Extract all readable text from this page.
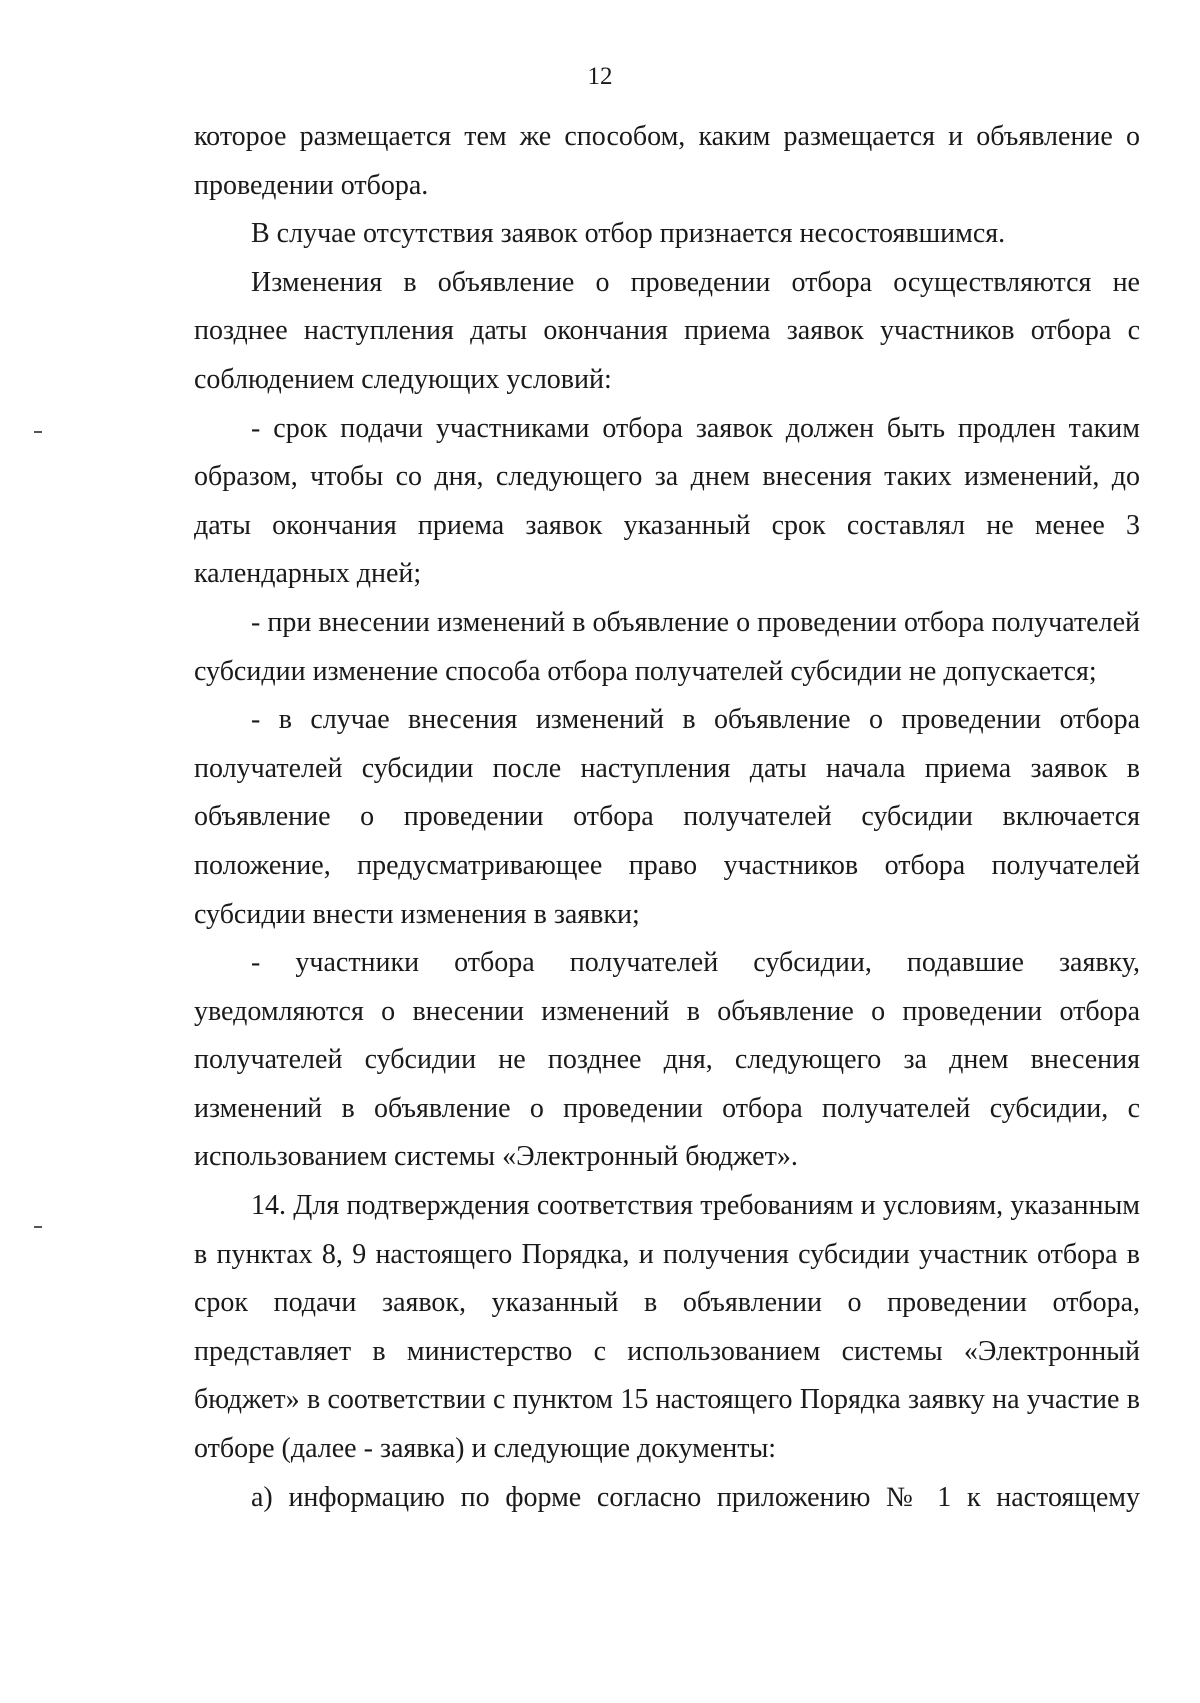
12

которое размещается тем же способом, каким размещается и объявление о проведении отбора.

В случае отсутствия заявок отбор признается несостоявшимся.

Изменения в объявление о проведении отбора осуществляются не позднее наступления даты окончания приема заявок участников отбора с соблюдением следующих условий:

- срок подачи участниками отбора заявок должен быть продлен таким образом, чтобы со дня, следующего за днем внесения таких изменений, до даты окончания приема заявок указанный срок составлял не менее 3 календарных дней;

- при внесении изменений в объявление о проведении отбора получателей субсидии изменение способа отбора получателей субсидии не допускается;

- в случае внесения изменений в объявление о проведении отбора получателей субсидии после наступления даты начала приема заявок в объявление о проведении отбора получателей субсидии включается положение, предусматривающее право участников отбора получателей субсидии внести изменения в заявки;

- участники отбора получателей субсидии, подавшие заявку, уведомляются о внесении изменений в объявление о проведении отбора получателей субсидии не позднее дня, следующего за днем внесения изменений в объявление о проведении отбора получателей субсидии, с использованием системы «Электронный бюджет».

14. Для подтверждения соответствия требованиям и условиям, указанным в пунктах 8, 9 настоящего Порядка, и получения субсидии участник отбора в срок подачи заявок, указанный в объявлении о проведении отбора, представляет в министерство с использованием системы «Электронный бюджет» в соответствии с пунктом 15 настоящего Порядка заявку на участие в отборе (далее - заявка) и следующие документы:

а) информацию по форме согласно приложению № 1 к настоящему
